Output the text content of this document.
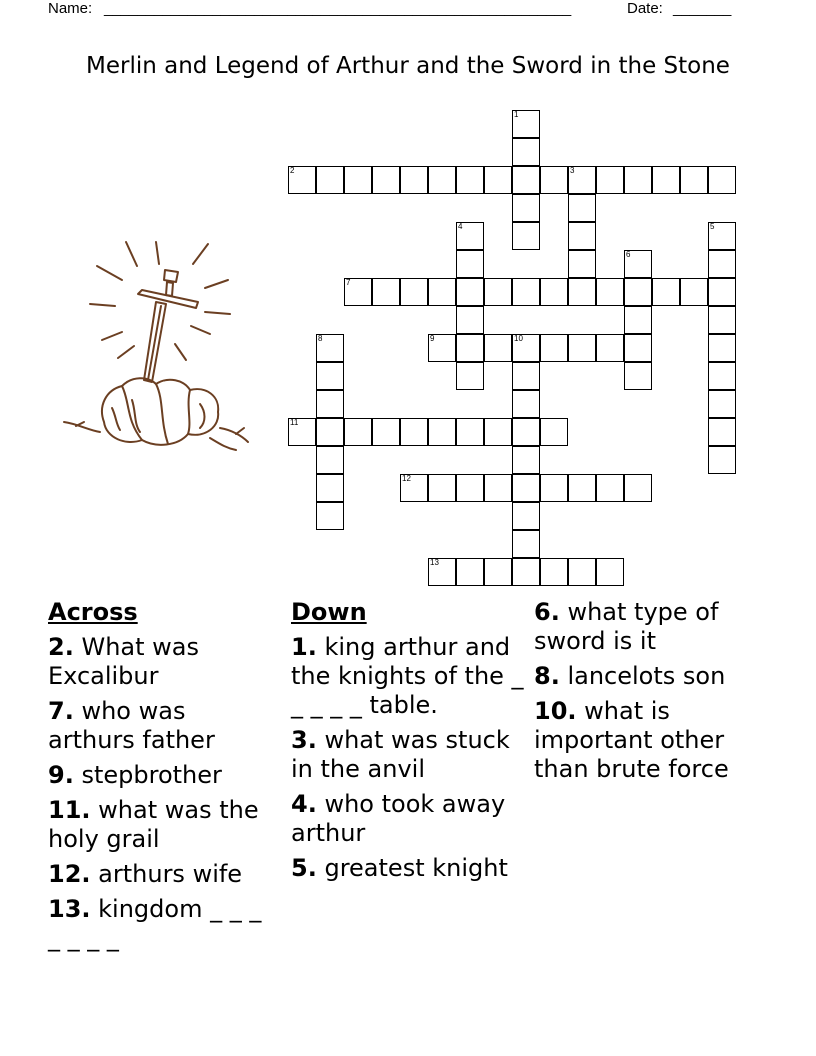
Name: ________________________________________________________	Date: _______
Merlin and Legend of Arthur and the Sword in the Stone
1
2	3
4	5
6
7
8	9	10
11
12
13
Across
2. What was Excalibur
7. who was arthurs father
9. stepbrother
11. what was the holy grail
12. arthurs wife
13. kingdom _ _ _ _ _ _ _
Down
1. king arthur and the knights of the _ _ _ _ _ table.
3. what was stuck in the anvil
4. who took away arthur
5. greatest knight
6. what type of sword is it
8. lancelots son
10. what is important other than brute force
